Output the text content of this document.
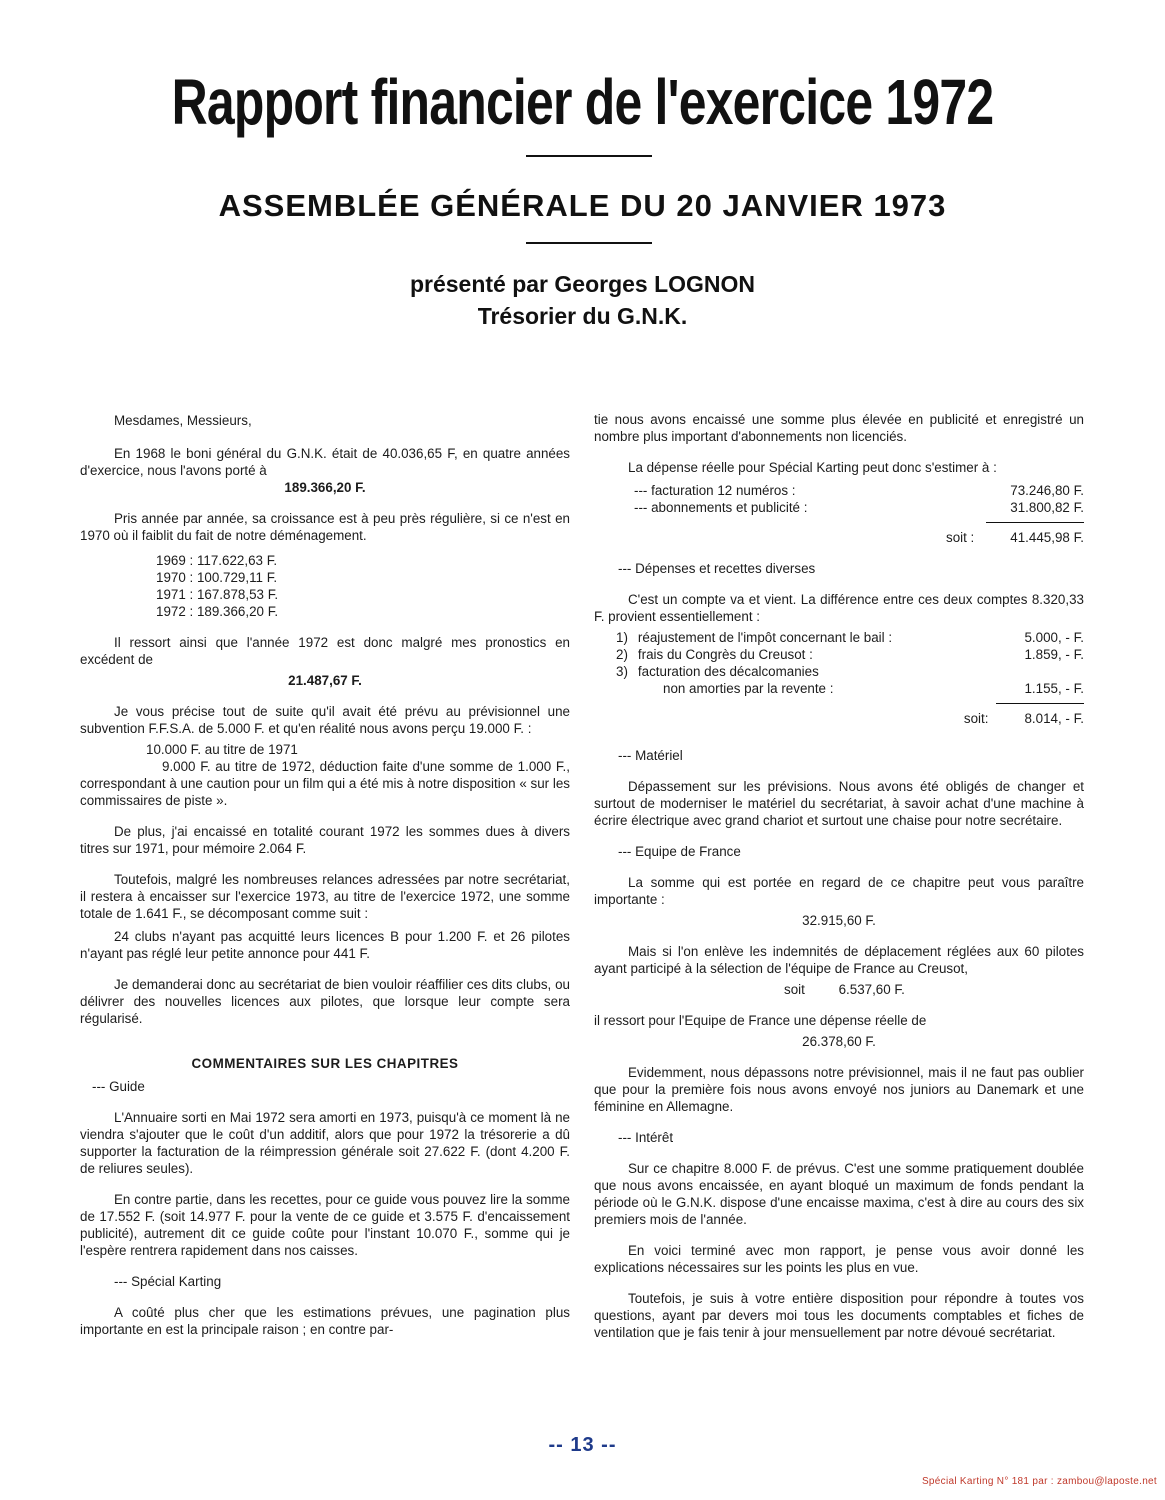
Rapport financier de l'exercice 1972
ASSEMBLÉE GÉNÉRALE DU 20 JANVIER 1973
présenté par Georges LOGNON
Trésorier du G.N.K.

Mesdames, Messieurs,

En 1968 le boni général du G.N.K. était de 40.036,65 F, en quatre années d'exercice, nous l'avons porté à

189.366,20 F.

Pris année par année, sa croissance est à peu près régulière, si ce n'est en 1970 où il faiblit du fait de notre déménagement.

1969 : 117.622,63 F.
1970 : 100.729,11 F.
1971 : 167.878,53 F.
1972 : 189.366,20 F.

Il ressort ainsi que l'année 1972 est donc malgré mes pronostics en excédent de

21.487,67 F.

Je vous précise tout de suite qu'il avait été prévu au prévisionnel une subvention F.F.S.A. de 5.000 F. et qu'en réalité nous avons perçu 19.000 F. :

10.000 F. au titre de 1971

9.000 F. au titre de 1972, déduction faite d'une somme de 1.000 F., correspondant à une caution pour un film qui a été mis à notre disposition « sur les commissaires de piste ».

De plus, j'ai encaissé en totalité courant 1972 les sommes dues à divers titres sur 1971, pour mémoire 2.064 F.

Toutefois, malgré les nombreuses relances adressées par notre secrétariat, il restera à encaisser sur l'exercice 1973, au titre de l'exercice 1972, une somme totale de 1.641 F., se décomposant comme suit :

24 clubs n'ayant pas acquitté leurs licences B pour 1.200 F. et 26 pilotes n'ayant pas réglé leur petite annonce pour 441 F.

Je demanderai donc au secrétariat de bien vouloir réaffilier ces dits clubs, ou délivrer des nouvelles licences aux pilotes, que lorsque leur compte sera régularisé.

COMMENTAIRES SUR LES CHAPITRES
--- Guide

L'Annuaire sorti en Mai 1972 sera amorti en 1973, puisqu'à ce moment là ne viendra s'ajouter que le coût d'un additif, alors que pour 1972 la trésorerie a dû supporter la facturation de la réimpression générale soit 27.622 F. (dont 4.200 F. de reliures seules).

En contre partie, dans les recettes, pour ce guide vous pouvez lire la somme de 17.552 F. (soit 14.977 F. pour la vente de ce guide et 3.575 F. d'encaissement publicité), autrement dit ce guide coûte pour l'instant 10.070 F., somme qui je l'espère rentrera rapidement dans nos caisses.

--- Spécial Karting

A coûté plus cher que les estimations prévues, une pagination plus importante en est la principale raison ; en contre par-

tie nous avons encaissé une somme plus élevée en publicité et enregistré un nombre plus important d'abonnements non licenciés.

La dépense réelle pour Spécial Karting peut donc s'estimer à :

--- facturation 12 numéros :	73.246,80 F.
--- abonnements et publicité :	31.800,82 F.
soit :	41.445,98 F.
--- Dépenses et recettes diverses

C'est un compte va et vient. La différence entre ces deux comptes 8.320,33 F. provient essentiellement :

1) réajustement de l'impôt concernant le bail :	5.000, - F.
2) frais du Congrès du Creusot :	1.859, - F.
3) facturation des décalcomanies
non amorties par la revente :	1.155, - F.
soit:	8.014, - F.
--- Matériel

Dépassement sur les prévisions. Nous avons été obligés de changer et surtout de moderniser le matériel du secrétariat, à savoir achat d'une machine à écrire électrique avec grand chariot et surtout une chaise pour notre secrétaire.

--- Equipe de France

La somme qui est portée en regard de ce chapitre peut vous paraître importante :

32.915,60 F.

Mais si l'on enlève les indemnités de déplacement réglées aux 60 pilotes ayant participé à la sélection de l'équipe de France au Creusot,

soit	6.537,60 F.

il ressort pour l'Equipe de France une dépense réelle de

26.378,60 F.

Evidemment, nous dépassons notre prévisionnel, mais il ne faut pas oublier que pour la première fois nous avons envoyé nos juniors au Danemark et une féminine en Allemagne.

--- Intérêt

Sur ce chapitre 8.000 F. de prévus. C'est une somme pratiquement doublée que nous avons encaissée, en ayant bloqué un maximum de fonds pendant la période où le G.N.K. dispose d'une encaisse maxima, c'est à dire au cours des six premiers mois de l'année.

En voici terminé avec mon rapport, je pense vous avoir donné les explications nécessaires sur les points les plus en vue.

Toutefois, je suis à votre entière disposition pour répondre à toutes vos questions, ayant par devers moi tous les documents comptables et fiches de ventilation que je fais tenir à jour mensuellement par notre dévoué secrétariat.

-- 13 --
Spécial Karting N° 181 par : zambou@laposte.net
